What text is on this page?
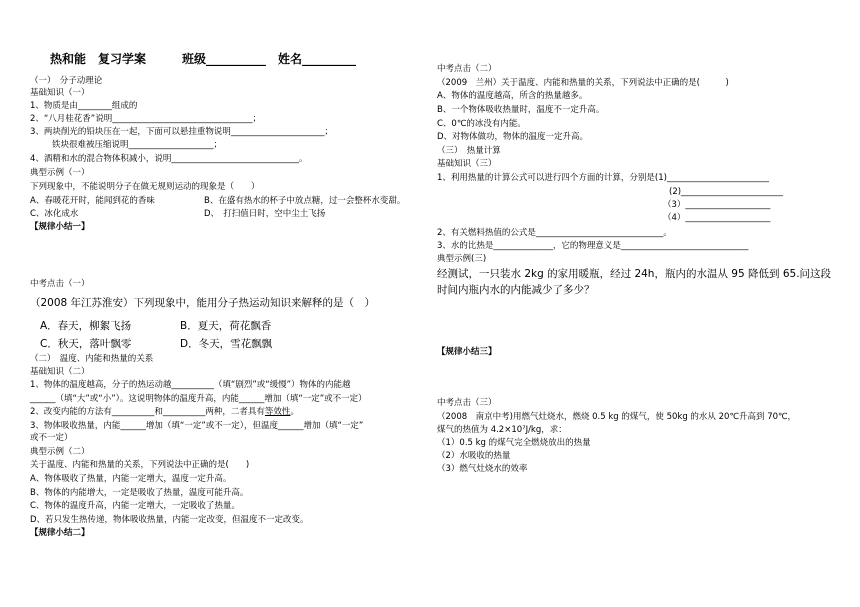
热和能　复习学案　　　班级__________　姓名_________
（一）　分子动理论
基础知识（一）
1、物质是由________组成的
2、“八月桂花香”说明_________________________________；
3、两块削光的铅块压在一起，下面可以悬挂重物说明______________________；
铁块很难被压缩说明____________________；
4、酒精和水的混合物体积减小，说明______________________________。
典型示例（一）
下列现象中，不能说明分子在做无规则运动的现象是（　　）
A、春暖花开时，能闻到花的香味	B、在盛有热水的杯子中放点糖，过一会整杯水变甜。
C、冰化成水	D、　打扫值日时，空中尘土飞扬
【规律小结一】
中考点击（一）
（2008 年江苏淮安）下列现象中，能用分子热运动知识来解释的是（　）
A．春天，柳絮飞扬	B．夏天，荷花飘香
C．秋天，落叶飘零	D．冬天，雪花飘飘
（二）　温度、内能和热量的关系
基础知识（二）
1、物体的温度越高，分子的热运动越__________（填“剧烈”或“缓慢”）物体的内能越
______（填“大”或“小”）。这说明物体的温度升高，内能______增加（填“一定”或不一定）
2、改变内能的方法有__________和__________两种，二者具有等效性。
3、物体吸收热量，内能______增加（填“一定”或不一定），但温度______增加（填“一定”
或不一定）
典型示例（二）
关于温度、内能和热量的关系，下列说法中正确的是(　　)
A、物体吸收了热量，内能一定增大，温度一定升高。
B、物体的内能增大，一定是吸收了热量，温度可能升高。
C、物体的温度升高，内能一定增大，一定吸收了热量。
D、若只发生热传递，物体吸收热量，内能一定改变，但温度不一定改变。
【规律小结二】
中考点击（二）
（2009　兰州）关于温度、内能和热量的关系，下列说法中正确的是(　　　)
A、物体的温度越高，所含的热量越多。
B、一个物体吸收热量时，温度不一定升高。
C、0℃的冰没有内能。
D、对物体做功，物体的温度一定升高。
（三）　热量计算
基础知识（三）
1、利用热量的计算公式可以进行四个方面的计算，分别是(1)________________________
(2)________________________
（3）____________________
（4）____________________
2、有关燃料热值的公式是______________________________。
3、水的比热是______________，它的物理意义是______________________________
典型示例(三)
经测试，一只装水 2kg 的家用暖瓶，经过 24h，瓶内的水温从 95 降低到 65.问这段
时间内瓶内水的内能减少了多少？
【规律小结三】
中考点击（三）
（2008　南京中考)用燃气灶烧水，燃烧 0.5 kg 的煤气，使 50kg 的水从 20℃升高到 70℃，
煤气的热值为 4.2×10⁷J/kg，求：
（1）0.5 kg 的煤气完全燃烧放出的热量
（2）水吸收的热量
（3）燃气灶烧水的效率
